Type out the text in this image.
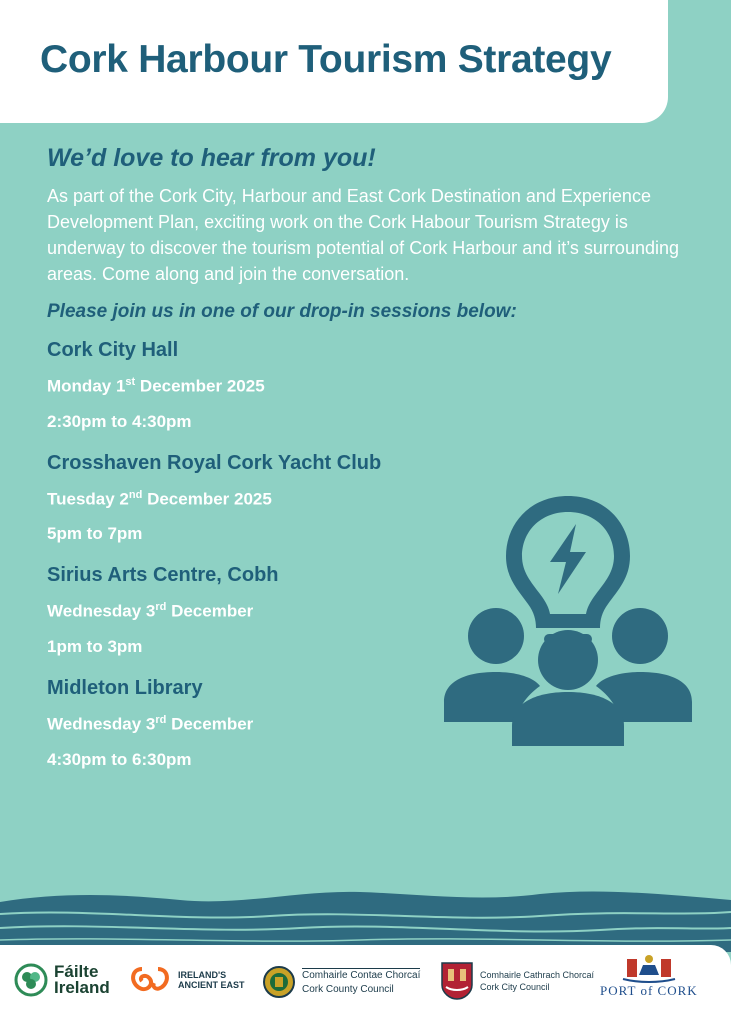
Cork Harbour Tourism Strategy
We’d love to hear from you!

As part of the Cork City, Harbour and East Cork Destination and Experience Development Plan, exciting work on the Cork Habour Tourism Strategy is underway to discover the tourism potential of Cork Harbour and it’s surrounding areas. Come along and join the conversation.

Please join us in one of our drop-in sessions below:
Cork City Hall
Monday 1st December 2025
2:30pm to 4:30pm
Crosshaven Royal Cork Yacht Club
Tuesday 2nd December 2025
5pm to 7pm
Sirius Arts Centre, Cobh
Wednesday 3rd December
1pm to 3pm
Midleton Library
Wednesday 3rd December
4:30pm to 6:30pm
Fáilte
Ireland
IRELAND'S
ANCIENT EAST
Comhairle Contae Chorcaí
Cork County Council
Comhairle Cathrach Chorcaí
Cork City Council	PORT of CORK
